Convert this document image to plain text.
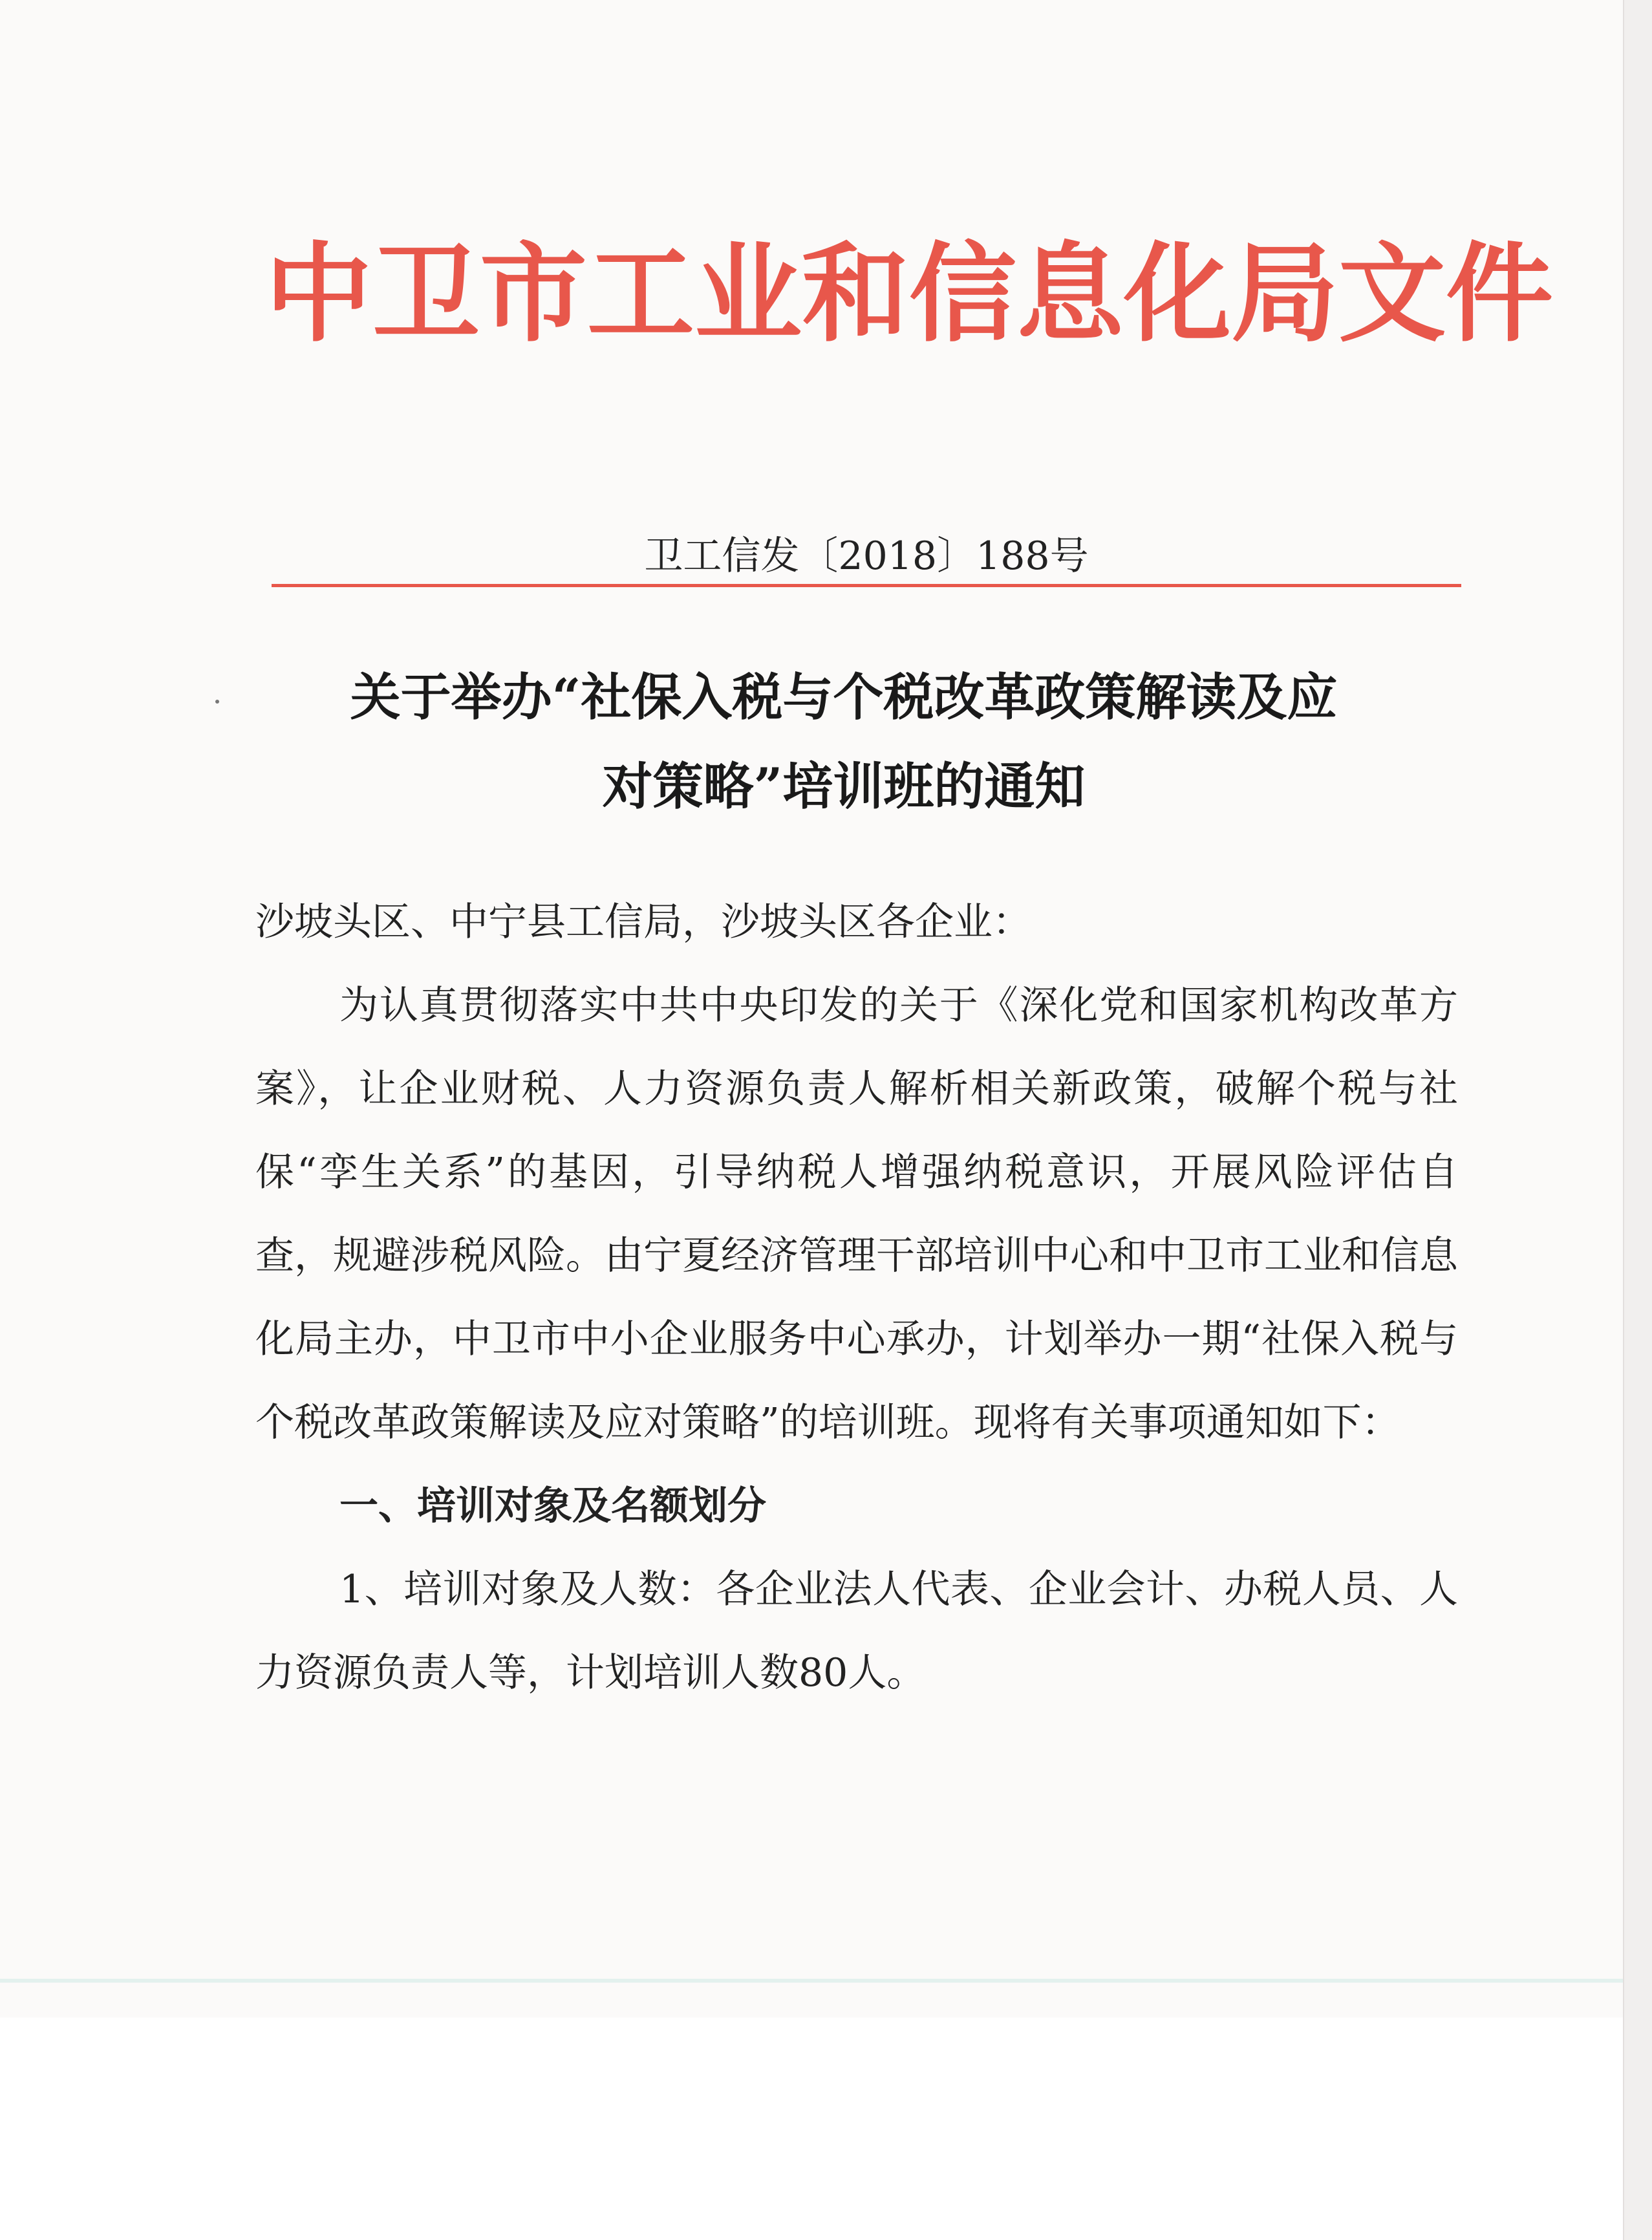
中卫市工业和信息化局文件
卫工信发〔2018〕188号
关于举办“社保入税与个税改革政策解读及应
对策略”培训班的通知

沙坡头区、中宁县工信局，沙坡头区各企业：

为认真贯彻落实中共中央印发的关于《深化党和国家机构改革方案》，让企业财税、人力资源负责人解析相关新政策，破解个税与社保“孪生关系”的基因，引导纳税人增强纳税意识，开展风险评估自查，规避涉税风险。由宁夏经济管理干部培训中心和中卫市工业和信息化局主办，中卫市中小企业服务中心承办，计划举办一期“社保入税与个税改革政策解读及应对策略”的培训班。现将有关事项通知如下：

一、培训对象及名额划分

1、培训对象及人数：各企业法人代表、企业会计、办税人员、人力资源负责人等，计划培训人数80人。
